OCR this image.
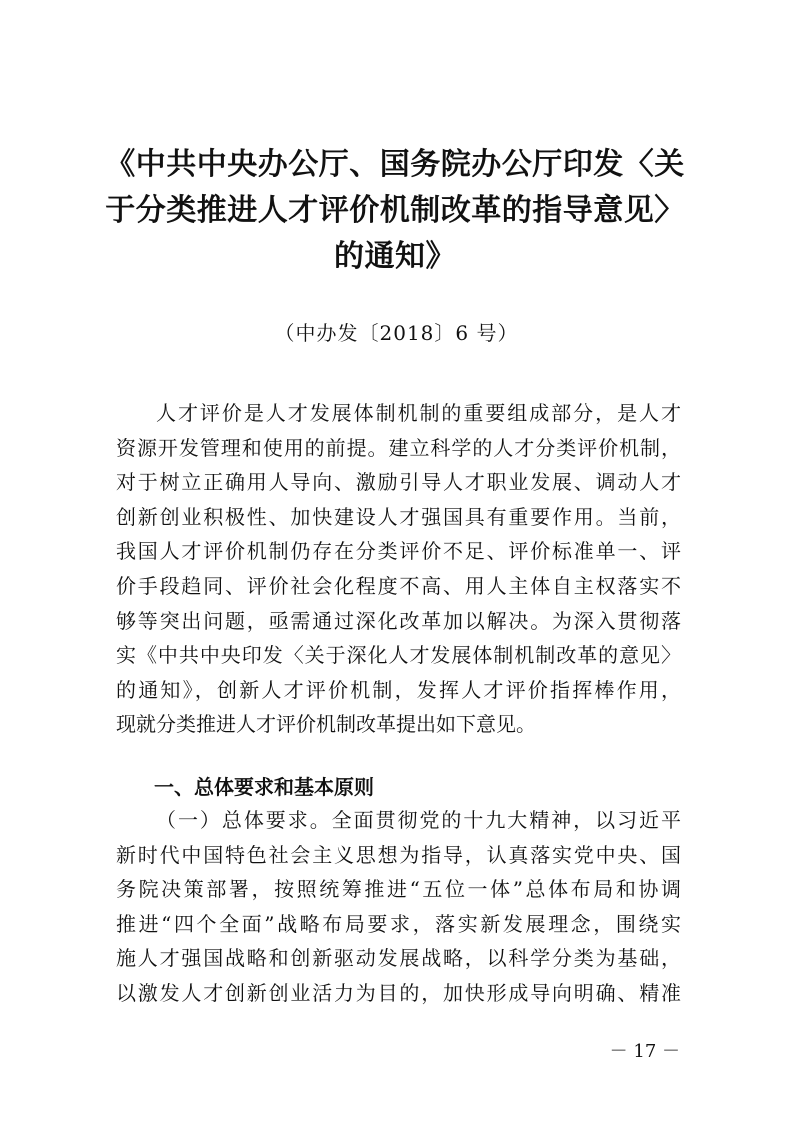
《中共中央办公厅、国务院办公厅印发〈关
于分类推进人才评价机制改革的指导意见〉
的通知》
（中办发〔2018〕6 号）
人才评价是人才发展体制机制的重要组成部分，是人才
资源开发管理和使用的前提。建立科学的人才分类评价机制，
对于树立正确用人导向、激励引导人才职业发展、调动人才
创新创业积极性、加快建设人才强国具有重要作用。当前，
我国人才评价机制仍存在分类评价不足、评价标准单一、评
价手段趋同、评价社会化程度不高、用人主体自主权落实不
够等突出问题，亟需通过深化改革加以解决。为深入贯彻落
实《中共中央印发〈关于深化人才发展体制机制改革的意见〉
的通知》，创新人才评价机制，发挥人才评价指挥棒作用，
现就分类推进人才评价机制改革提出如下意见。
一、总体要求和基本原则
（一）总体要求。全面贯彻党的十九大精神，以习近平
新时代中国特色社会主义思想为指导，认真落实党中央、国
务院决策部署，按照统筹推进“五位一体”总体布局和协调
推进“四个全面”战略布局要求，落实新发展理念，围绕实
施人才强国战略和创新驱动发展战略，以科学分类为基础，
以激发人才创新创业活力为目的，加快形成导向明确、精准
－ 17 －
